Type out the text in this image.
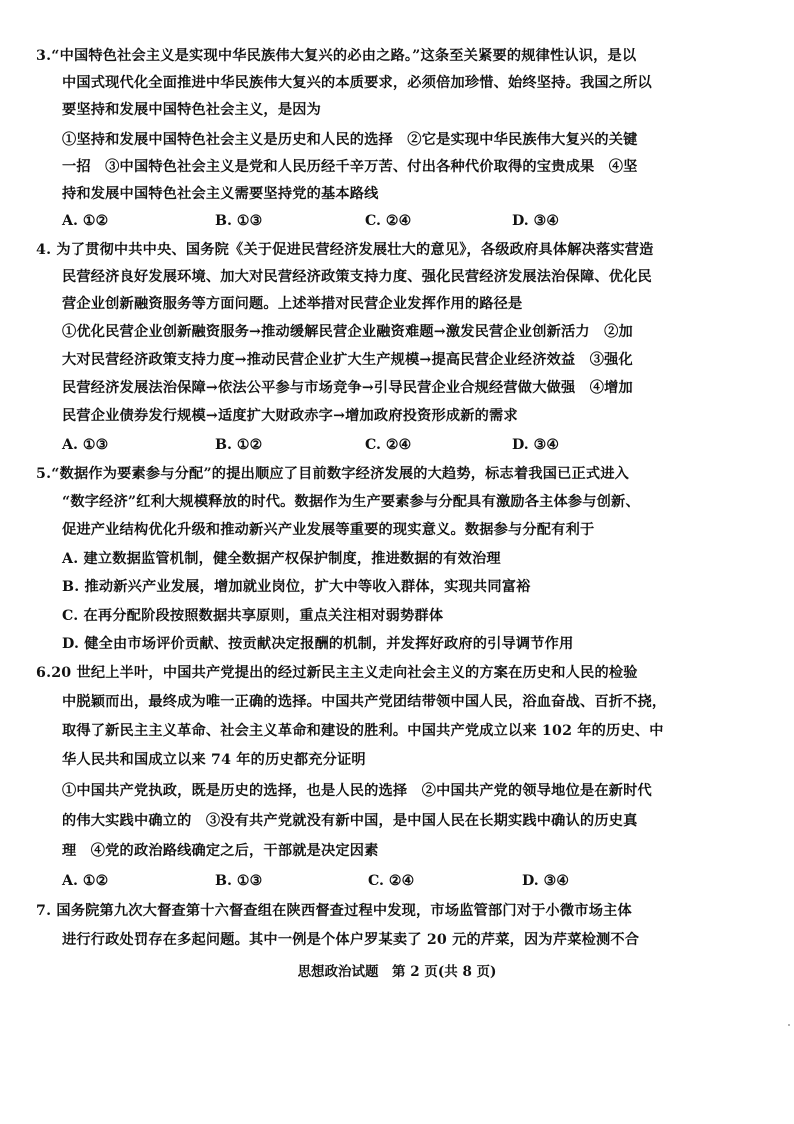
3.“中国特色社会主义是实现中华民族伟大复兴的必由之路。”这条至关紧要的规律性认识，是以
中国式现代化全面推进中华民族伟大复兴的本质要求，必须倍加珍惜、始终坚持。我国之所以
要坚持和发展中国特色社会主义，是因为
①坚持和发展中国特色社会主义是历史和人民的选择　②它是实现中华民族伟大复兴的关键
一招　③中国特色社会主义是党和人民历经千辛万苦、付出各种代价取得的宝贵成果　④坚
持和发展中国特色社会主义需要坚持党的基本路线
A. ①②	B. ①③	C. ②④	D. ③④
4. 为了贯彻中共中央、国务院《关于促进民营经济发展壮大的意见》，各级政府具体解决落实营造
民营经济良好发展环境、加大对民营经济政策支持力度、强化民营经济发展法治保障、优化民
营企业创新融资服务等方面问题。上述举措对民营企业发挥作用的路径是
①优化民营企业创新融资服务→推动缓解民营企业融资难题→激发民营企业创新活力　②加
大对民营经济政策支持力度→推动民营企业扩大生产规模→提高民营企业经济效益　③强化
民营经济发展法治保障→依法公平参与市场竞争→引导民营企业合规经营做大做强　④增加
民营企业债券发行规模→适度扩大财政赤字→增加政府投资形成新的需求
A. ①③	B. ①②	C. ②④	D. ③④
5.“数据作为要素参与分配”的提出顺应了目前数字经济发展的大趋势，标志着我国已正式进入
“数字经济”红利大规模释放的时代。数据作为生产要素参与分配具有激励各主体参与创新、
促进产业结构优化升级和推动新兴产业发展等重要的现实意义。数据参与分配有利于
A. 建立数据监管机制，健全数据产权保护制度，推进数据的有效治理
B. 推动新兴产业发展，增加就业岗位，扩大中等收入群体，实现共同富裕
C. 在再分配阶段按照数据共享原则，重点关注相对弱势群体
D. 健全由市场评价贡献、按贡献决定报酬的机制，并发挥好政府的引导调节作用
6.20 世纪上半叶，中国共产党提出的经过新民主主义走向社会主义的方案在历史和人民的检验
中脱颖而出，最终成为唯一正确的选择。中国共产党团结带领中国人民，浴血奋战、百折不挠，
取得了新民主主义革命、社会主义革命和建设的胜利。中国共产党成立以来 102 年的历史、中
华人民共和国成立以来 74 年的历史都充分证明
①中国共产党执政，既是历史的选择，也是人民的选择　②中国共产党的领导地位是在新时代
的伟大实践中确立的　③没有共产党就没有新中国，是中国人民在长期实践中确认的历史真
理　④党的政治路线确定之后，干部就是决定因素
A. ①②	B. ①③	C. ②④	D. ③④
7. 国务院第九次大督查第十六督查组在陕西督查过程中发现，市场监管部门对于小微市场主体
进行行政处罚存在多起问题。其中一例是个体户罗某卖了 20 元的芹菜，因为芹菜检测不合
思想政治试题　第 2 页(共 8 页)
